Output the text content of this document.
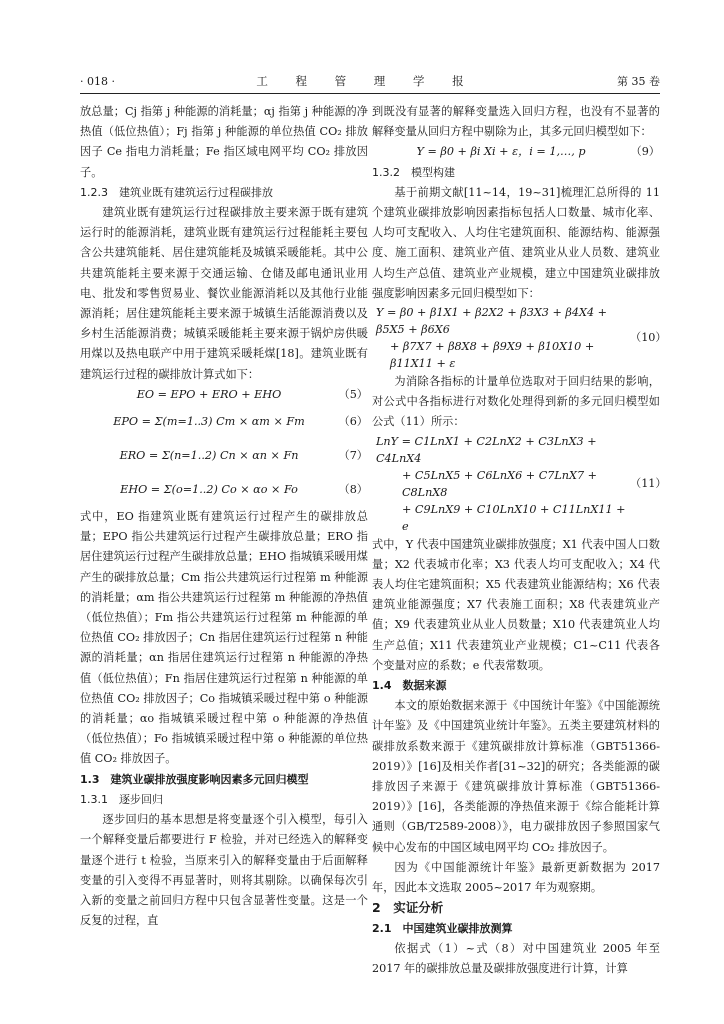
· 018 ·	工 程 管 理 学 报	第 35 卷

放总量；Cj 指第 j 种能源的消耗量；αj 指第 j 种能源的净热值（低位热值）；Fj 指第 j 种能源的单位热值 CO₂ 排放因子 Ce 指电力消耗量；Fe 指区域电网平均 CO₂ 排放因子。

1.2.3　建筑业既有建筑运行过程碳排放

建筑业既有建筑运行过程碳排放主要来源于既有建筑运行时的能源消耗，建筑业既有建筑运行过程能耗主要包含公共建筑能耗、居住建筑能耗及城镇采暖能耗。其中公共建筑能耗主要来源于交通运输、仓储及邮电通讯业用电、批发和零售贸易业、餐饮业能源消耗以及其他行业能源消耗；居住建筑能耗主要来源于城镇生活能源消费以及乡村生活能源消费；城镇采暖能耗主要来源于锅炉房供暖用煤以及热电联产中用于建筑采暖耗煤[18]。建筑业既有建筑运行过程的碳排放计算式如下：

EO = EPO + ERO + EHO	（5）
EPO = Σ(m=1..3) Cm × αm × Fm	（6）
ERO = Σ(n=1..2) Cn × αn × Fn	（7）
EHO = Σ(o=1..2) Co × αo × Fo	（8）

式中，EO 指建筑业既有建筑运行过程产生的碳排放总量；EPO 指公共建筑运行过程产生碳排放总量；ERO 指居住建筑运行过程产生碳排放总量；EHO 指城镇采暖用煤产生的碳排放总量；Cm 指公共建筑运行过程第 m 种能源的消耗量；αm 指公共建筑运行过程第 m 种能源的净热值（低位热值）；Fm 指公共建筑运行过程第 m 种能源的单位热值 CO₂ 排放因子；Cn 指居住建筑运行过程第 n 种能源的消耗量；αn 指居住建筑运行过程第 n 种能源的净热值（低位热值）；Fn 指居住建筑运行过程第 n 种能源的单位热值 CO₂ 排放因子；Co 指城镇采暖过程中第 o 种能源的消耗量；αo 指城镇采暖过程中第 o 种能源的净热值（低位热值）；Fo 指城镇采暖过程中第 o 种能源的单位热值 CO₂ 排放因子。

1.3　建筑业碳排放强度影响因素多元回归模型

1.3.1　逐步回归

逐步回归的基本思想是将变量逐个引入模型，每引入一个解释变量后都要进行 F 检验，并对已经选入的解释变量逐个进行 t 检验，当原来引入的解释变量由于后面解释变量的引入变得不再显著时，则将其剔除。以确保每次引入新的变量之前回归方程中只包含显著性变量。这是一个反复的过程，直

到既没有显著的解释变量选入回归方程，也没有不显著的解释变量从回归方程中剔除为止，其多元回归模型如下：

Y = β0 + βi Xi + ε，i = 1,…, p	（9）

1.3.2　模型构建

基于前期文献[11~14，19~31]梳理汇总所得的 11 个建筑业碳排放影响因素指标包括人口数量、城市化率、人均可支配收入、人均住宅建筑面积、能源结构、能源强度、施工面积、建筑业产值、建筑业从业人员数、建筑业人均生产总值、建筑业产业规模，建立中国建筑业碳排放强度影响因素多元回归模型如下：

Y = β0 + β1X1 + β2X2 + β3X3 + β4X4 + β5X5 + β6X6
+ β7X7 + β8X8 + β9X9 + β10X10 + β11X11 + ε
（10）

为消除各指标的计量单位选取对于回归结果的影响，对公式中各指标进行对数化处理得到新的多元回归模型如公式（11）所示：

LnY = C1LnX1 + C2LnX2 + C3LnX3 + C4LnX4
+ C5LnX5 + C6LnX6 + C7LnX7 + C8LnX8
+ C9LnX9 + C10LnX10 + C11LnX11 + e
（11）

式中，Y 代表中国建筑业碳排放强度；X1 代表中国人口数量；X2 代表城市化率；X3 代表人均可支配收入；X4 代表人均住宅建筑面积；X5 代表建筑业能源结构；X6 代表建筑业能源强度；X7 代表施工面积；X8 代表建筑业产值；X9 代表建筑业从业人员数量；X10 代表建筑业人均生产总值；X11 代表建筑业产业规模；C1~C11 代表各个变量对应的系数；e 代表常数项。

1.4　数据来源

本文的原始数据来源于《中国统计年鉴》《中国能源统计年鉴》及《中国建筑业统计年鉴》。五类主要建筑材料的碳排放系数来源于《建筑碳排放计算标准（GBT51366-2019）》[16]及相关作者[31~32]的研究；各类能源的碳排放因子来源于《建筑碳排放计算标准（GBT51366-2019）》[16]，各类能源的净热值来源于《综合能耗计算通则（GB/T2589-2008）》，电力碳排放因子参照国家气候中心发布的中国区域电网平均 CO₂ 排放因子。

因为《中国能源统计年鉴》最新更新数据为 2017 年，因此本文选取 2005~2017 年为观察期。

2　实证分析

2.1　中国建筑业碳排放测算

依据式（1）~式（8）对中国建筑业 2005 年至 2017 年的碳排放总量及碳排放强度进行计算，计算
